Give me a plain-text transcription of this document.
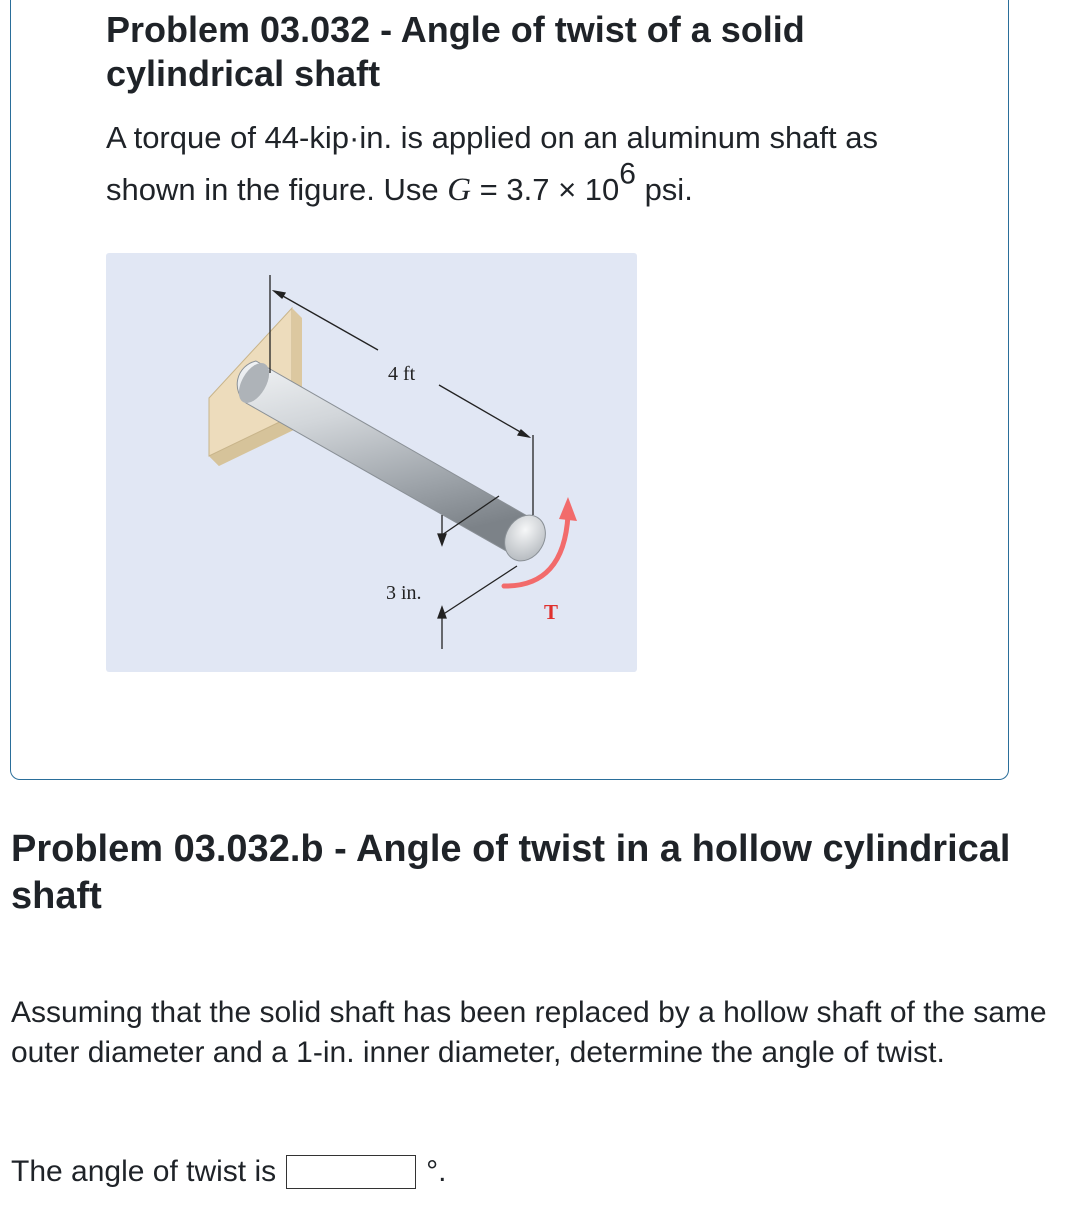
Problem 03.032 - Angle of twist of a solid cylindrical shaft

A torque of 44-kip·in. is applied on an aluminum shaft as shown in the figure. Use $G = 3.7 \times 10^6$ psi.

4 ft
3 in.
T
Problem 03.032.b - Angle of twist in a hollow cylindrical shaft

Assuming that the solid shaft has been replaced by a hollow shaft of the same outer diameter and a 1-in. inner diameter, determine the angle of twist.

The angle of twist is	°.
